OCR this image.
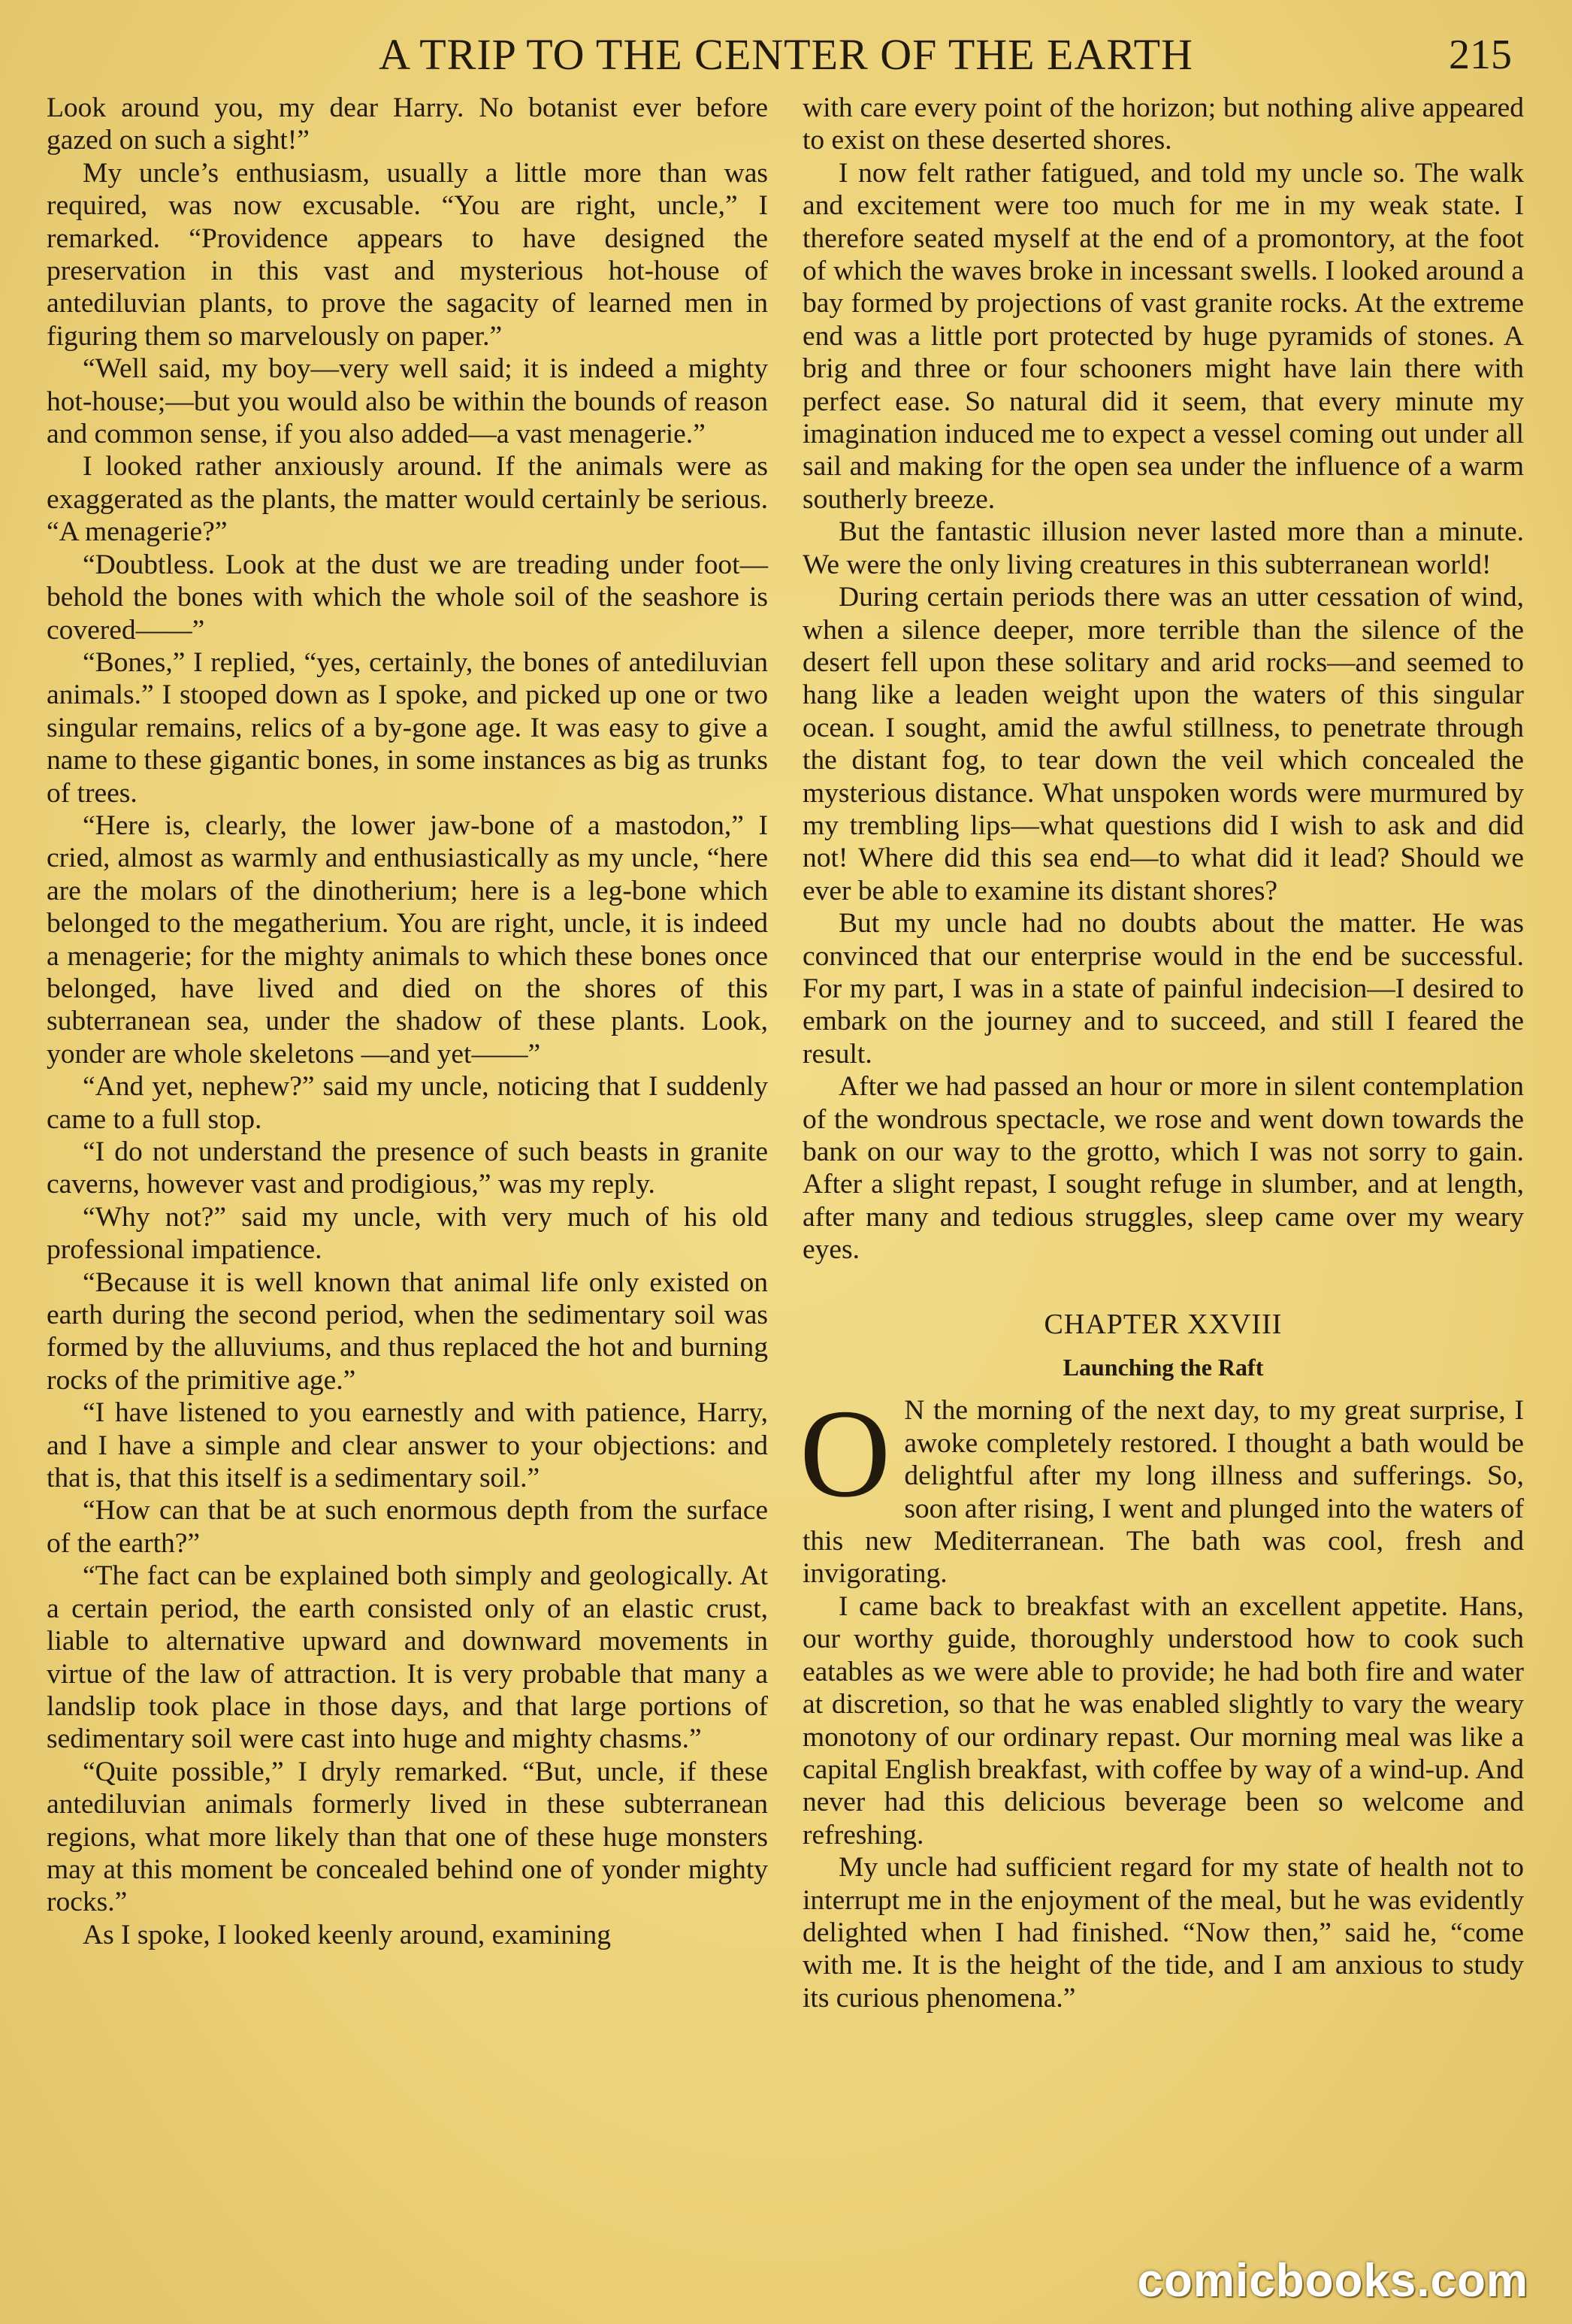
A TRIP TO THE CENTER OF THE EARTH	215

Look around you, my dear Harry. No botanist ever before gazed on such a sight!”

My uncle’s enthusiasm, usually a little more than was required, was now excusable. “You are right, uncle,” I remarked. “Providence appears to have designed the preservation in this vast and mysterious hot-house of antediluvian plants, to prove the sagacity of learned men in figuring them so marvelously on paper.”

“Well said, my boy—very well said; it is indeed a mighty hot-house;—but you would also be within the bounds of reason and common sense, if you also added—a vast menagerie.”

I looked rather anxiously around. If the animals were as exaggerated as the plants, the matter would certainly be serious. “A menagerie?”

“Doubtless. Look at the dust we are treading under foot—behold the bones with which the whole soil of the seashore is covered——”

“Bones,” I replied, “yes, certainly, the bones of antediluvian animals.” I stooped down as I spoke, and picked up one or two singular remains, relics of a by-gone age. It was easy to give a name to these gigantic bones, in some instances as big as trunks of trees.

“Here is, clearly, the lower jaw-bone of a mastodon,” I cried, almost as warmly and enthusiastically as my uncle, “here are the molars of the dinotherium; here is a leg-bone which belonged to the megatherium. You are right, uncle, it is indeed a menagerie; for the mighty animals to which these bones once belonged, have lived and died on the shores of this subterranean sea, under the shadow of these plants. Look, yonder are whole skeletons —and yet——”

“And yet, nephew?” said my uncle, noticing that I suddenly came to a full stop.

“I do not understand the presence of such beasts in granite caverns, however vast and prodigious,” was my reply.

“Why not?” said my uncle, with very much of his old professional impatience.

“Because it is well known that animal life only existed on earth during the second period, when the sedimentary soil was formed by the alluviums, and thus replaced the hot and burning rocks of the primitive age.”

“I have listened to you earnestly and with patience, Harry, and I have a simple and clear answer to your objections: and that is, that this itself is a sedimentary soil.”

“How can that be at such enormous depth from the surface of the earth?”

“The fact can be explained both simply and geologically. At a certain period, the earth consisted only of an elastic crust, liable to alternative upward and downward movements in virtue of the law of attraction. It is very probable that many a landslip took place in those days, and that large portions of sedimentary soil were cast into huge and mighty chasms.”

“Quite possible,” I dryly remarked. “But, uncle, if these antediluvian animals formerly lived in these subterranean regions, what more likely than that one of these huge monsters may at this moment be concealed behind one of yonder mighty rocks.”

As I spoke, I looked keenly around, examining

with care every point of the horizon; but nothing alive appeared to exist on these deserted shores.

I now felt rather fatigued, and told my uncle so. The walk and excitement were too much for me in my weak state. I therefore seated myself at the end of a promontory, at the foot of which the waves broke in incessant swells. I looked around a bay formed by projections of vast granite rocks. At the extreme end was a little port protected by huge pyramids of stones. A brig and three or four schooners might have lain there with perfect ease. So natural did it seem, that every minute my imagination induced me to expect a vessel coming out under all sail and making for the open sea under the influence of a warm southerly breeze.

But the fantastic illusion never lasted more than a minute. We were the only living creatures in this subterranean world!

During certain periods there was an utter cessation of wind, when a silence deeper, more terrible than the silence of the desert fell upon these solitary and arid rocks—and seemed to hang like a leaden weight upon the waters of this singular ocean. I sought, amid the awful stillness, to penetrate through the distant fog, to tear down the veil which concealed the mysterious distance. What unspoken words were murmured by my trembling lips—what questions did I wish to ask and did not! Where did this sea end—to what did it lead? Should we ever be able to examine its distant shores?

But my uncle had no doubts about the matter. He was convinced that our enterprise would in the end be successful. For my part, I was in a state of painful indecision—I desired to embark on the journey and to succeed, and still I feared the result.

After we had passed an hour or more in silent contemplation of the wondrous spectacle, we rose and went down towards the bank on our way to the grotto, which I was not sorry to gain. After a slight repast, I sought refuge in slumber, and at length, after many and tedious struggles, sleep came over my weary eyes.

CHAPTER XXVIII
Launching the Raft

O N the morning of the next day, to my great surprise, I awoke completely restored. I thought a bath would be delightful after my long illness and sufferings. So, soon after rising, I went and plunged into the waters of this new Mediterranean. The bath was cool, fresh and invigorating.

I came back to breakfast with an excellent appetite. Hans, our worthy guide, thoroughly understood how to cook such eatables as we were able to provide; he had both fire and water at discretion, so that he was enabled slightly to vary the weary monotony of our ordinary repast. Our morning meal was like a capital English breakfast, with coffee by way of a wind-up. And never had this delicious beverage been so welcome and refreshing.

My uncle had sufficient regard for my state of health not to interrupt me in the enjoyment of the meal, but he was evidently delighted when I had finished. “Now then,” said he, “come with me. It is the height of the tide, and I am anxious to study its curious phenomena.”

comicbooks.com
